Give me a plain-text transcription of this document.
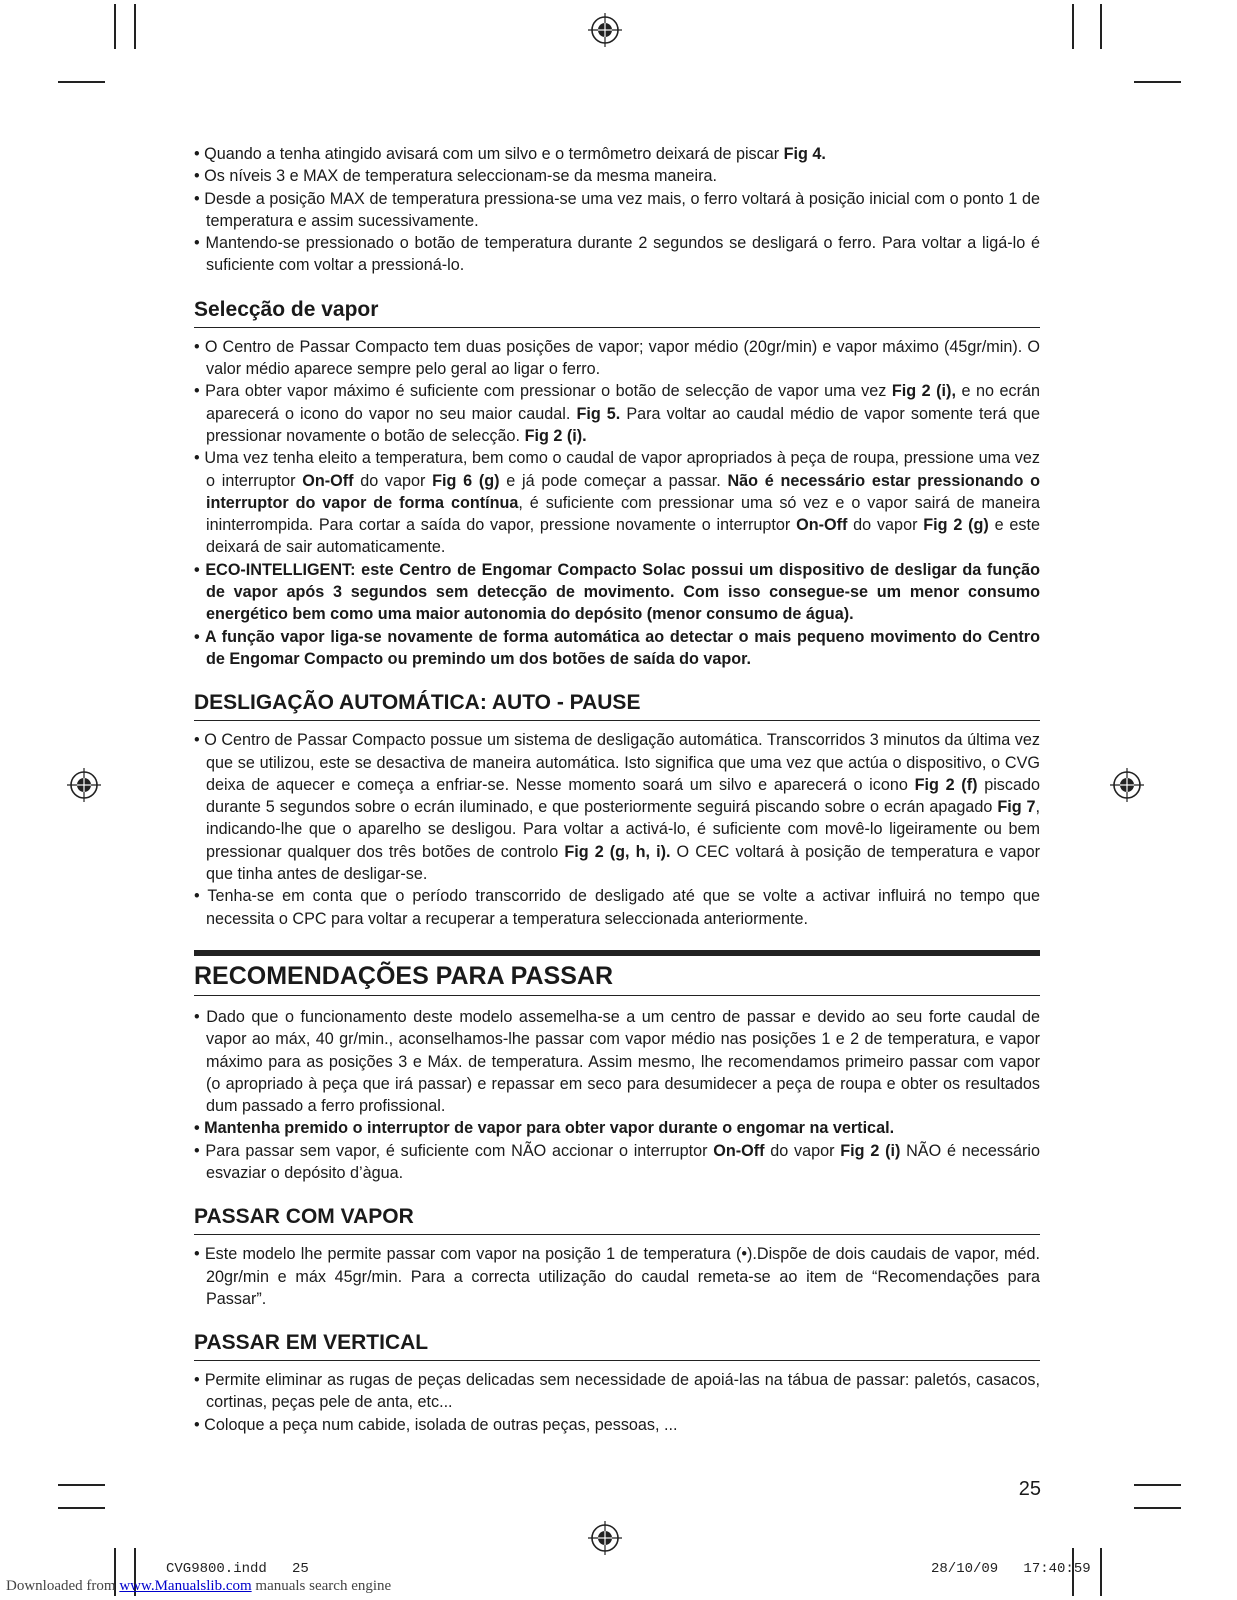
• Quando a tenha atingido avisará com um silvo e o termômetro deixará de piscar Fig 4.

• Os níveis 3 e MAX de temperatura seleccionam-se da mesma maneira.

• Desde a posição MAX de temperatura pressiona-se uma vez mais, o ferro voltará à posição inicial com o ponto 1 de temperatura e assim sucessivamente.

• Mantendo-se pressionado o botão de temperatura durante 2 segundos se desligará o ferro. Para voltar a ligá-lo é suficiente com voltar a pressioná-lo.

Selecção de vapor

• O Centro de Passar Compacto tem duas posições de vapor; vapor médio (20gr/min) e vapor máximo (45gr/min). O valor médio aparece sempre pelo geral ao ligar o ferro.

• Para obter vapor máximo é suficiente com pressionar o botão de selecção de vapor uma vez Fig 2 (i), e no ecrán aparecerá o icono do vapor no seu maior caudal. Fig 5. Para voltar ao caudal médio de vapor somente terá que pressionar novamente o botão de selecção. Fig 2 (i).

• Uma vez tenha eleito a temperatura, bem como o caudal de vapor apropriados à peça de roupa, pressione uma vez o interruptor On-Off do vapor Fig 6 (g) e já pode começar a passar. Não é necessário estar pressionando o interruptor do vapor de forma contínua, é suficiente com pressionar uma só vez e o vapor sairá de maneira ininterrompida. Para cortar a saída do vapor, pressione novamente o interruptor On-Off do vapor Fig 2 (g) e este deixará de sair automaticamente.

• ECO-INTELLIGENT: este Centro de Engomar Compacto Solac possui um dispositivo de desligar da função de vapor após 3 segundos sem detecção de movimento. Com isso consegue-se um menor consumo energético bem como uma maior autonomia do depósito (menor consumo de água).

• A função vapor liga-se novamente de forma automática ao detectar o mais pequeno movimento do Centro de Engomar Compacto ou premindo um dos botões de saída do vapor.

DESLIGAÇÃO AUTOMÁTICA: AUTO - PAUSE

• O Centro de Passar Compacto possue um sistema de desligação automática. Transcorridos 3 minutos da última vez que se utilizou, este se desactiva de maneira automática. Isto significa que uma vez que actúa o dispositivo, o CVG deixa de aquecer e começa a enfriar-se. Nesse momento soará um silvo e aparecerá o icono Fig 2 (f) piscado durante 5 segundos sobre o ecrán iluminado, e que posteriormente seguirá piscando sobre o ecrán apagado Fig 7, indicando-lhe que o aparelho se desligou. Para voltar a activá-lo, é suficiente com movê-lo ligeiramente ou bem pressionar qualquer dos três botões de controlo Fig 2 (g, h, i). O CEC voltará à posição de temperatura e vapor que tinha antes de desligar-se.

• Tenha-se em conta que o período transcorrido de desligado até que se volte a activar influirá no tempo que necessita o CPC para voltar a recuperar a temperatura seleccionada anteriormente.

RECOMENDAÇÕES PARA PASSAR

• Dado que o funcionamento deste modelo assemelha-se a um centro de passar e devido ao seu forte caudal de vapor ao máx, 40 gr/min., aconselhamos-lhe passar com vapor médio nas posições 1 e 2 de temperatura, e vapor máximo para as posições 3 e Máx. de temperatura. Assim mesmo, lhe recomendamos primeiro passar com vapor (o apropriado à peça que irá passar) e repassar em seco para desumidecer a peça de roupa e obter os resultados dum passado a ferro profissional.

• Mantenha premido o interruptor de vapor para obter vapor durante o engomar na vertical.

• Para passar sem vapor, é suficiente com NÃO accionar o interruptor On-Off do vapor Fig 2 (i) NÃO é necessário esvaziar o depósito d’àgua.

PASSAR COM VAPOR

• Este modelo lhe permite passar com vapor na posição 1 de temperatura (•).Dispõe de dois caudais de vapor, méd. 20gr/min e máx 45gr/min. Para a correcta utilização do caudal remeta-se ao item de “Recomendações para Passar”.

PASSAR EM VERTICAL

• Permite eliminar as rugas de peças delicadas sem necessidade de apoiá-las na tábua de passar: paletós, casacos, cortinas, peças pele de anta, etc...

• Coloque a peça num cabide, isolada de outras peças, pessoas, ...

25
CVG9800.indd   25	28/10/09   17:40:59
Downloaded from www.Manualslib.com manuals search engine
